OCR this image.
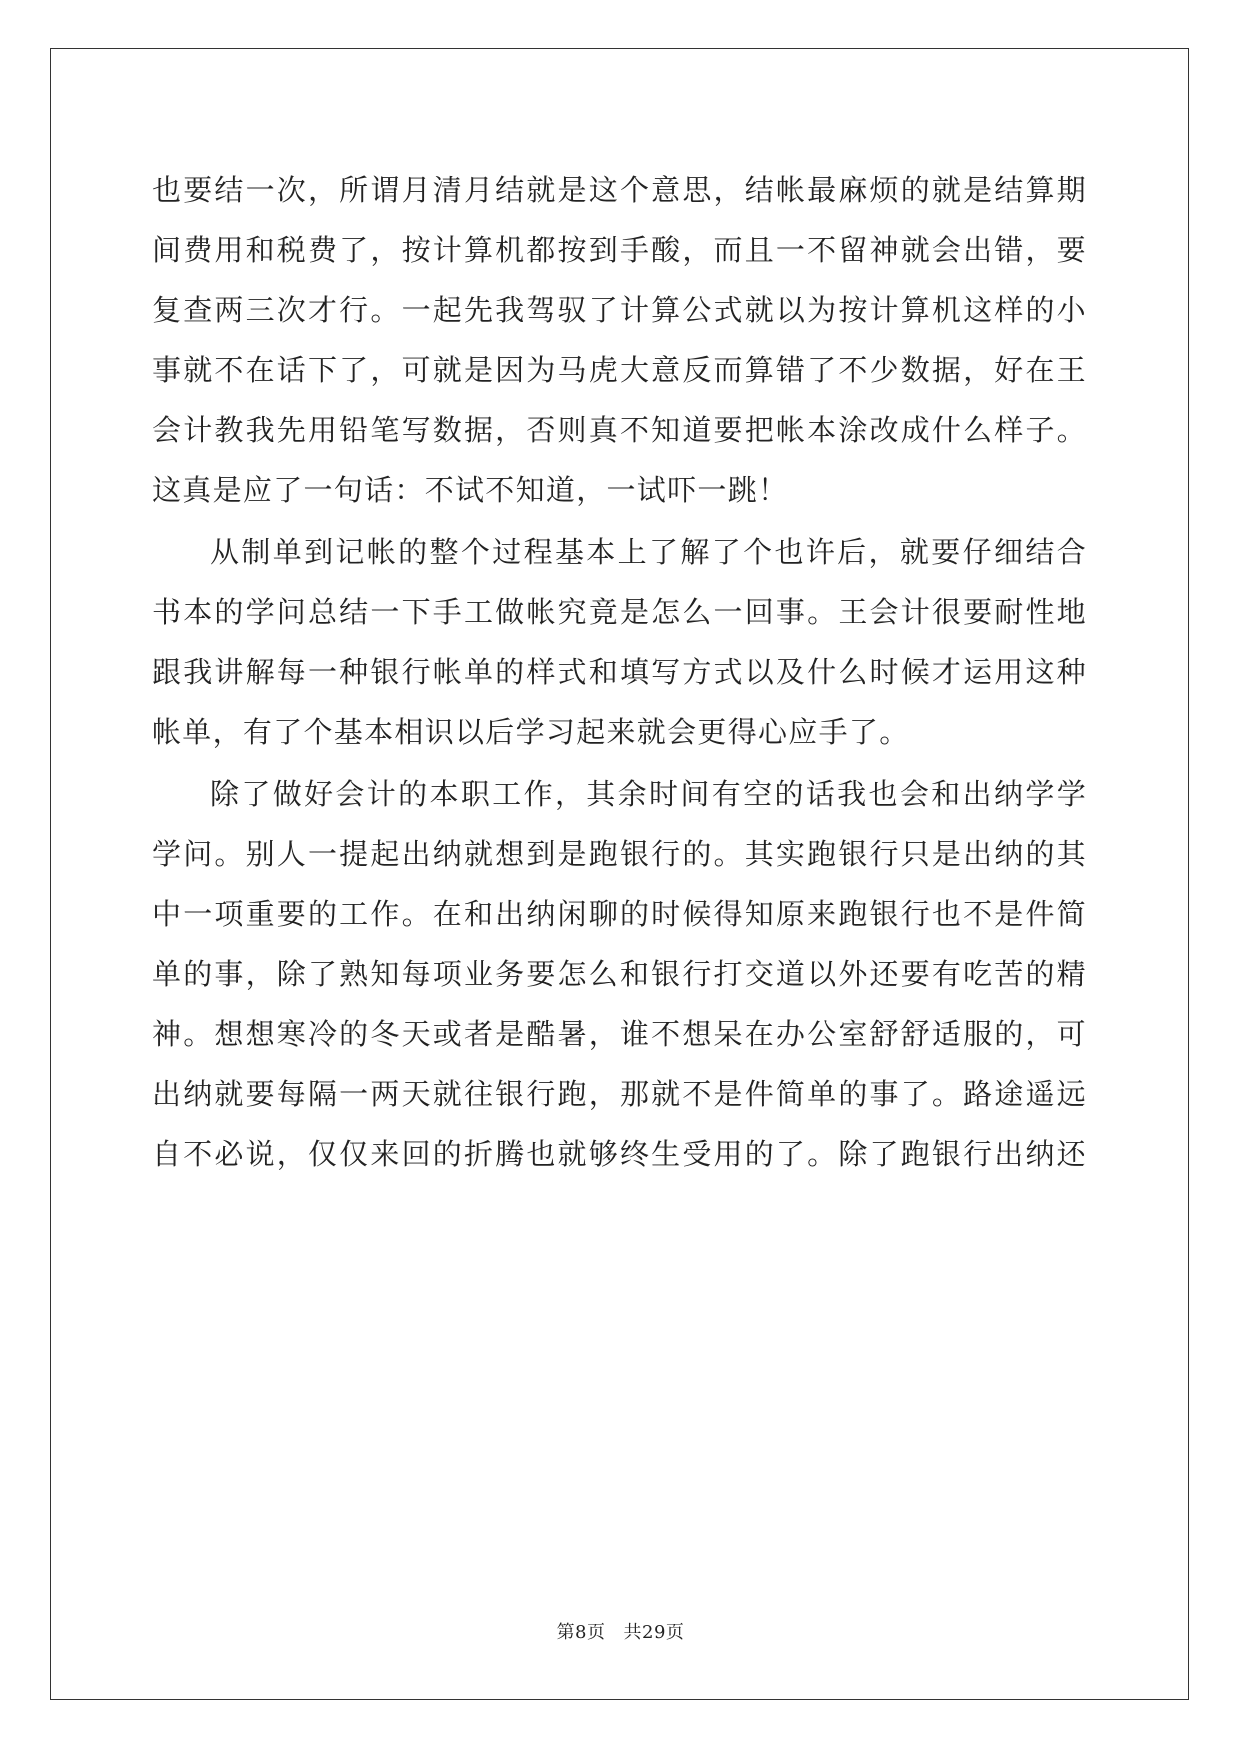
也要结一次，所谓月清月结就是这个意思，结帐最麻烦的就是结算期
间费用和税费了，按计算机都按到手酸，而且一不留神就会出错，要
复查两三次才行。一起先我驾驭了计算公式就以为按计算机这样的小
事就不在话下了，可就是因为马虎大意反而算错了不少数据，好在王
会计教我先用铅笔写数据，否则真不知道要把帐本涂改成什么样子。
这真是应了一句话：不试不知道，一试吓一跳！
从制单到记帐的整个过程基本上了解了个也许后，就要仔细结合
书本的学问总结一下手工做帐究竟是怎么一回事。王会计很要耐性地
跟我讲解每一种银行帐单的样式和填写方式以及什么时候才运用这种
帐单，有了个基本相识以后学习起来就会更得心应手了。
除了做好会计的本职工作，其余时间有空的话我也会和出纳学学
学问。别人一提起出纳就想到是跑银行的。其实跑银行只是出纳的其
中一项重要的工作。在和出纳闲聊的时候得知原来跑银行也不是件简
单的事，除了熟知每项业务要怎么和银行打交道以外还要有吃苦的精
神。想想寒冷的冬天或者是酷暑，谁不想呆在办公室舒舒适服的，可
出纳就要每隔一两天就往银行跑，那就不是件简单的事了。路途遥远
自不必说，仅仅来回的折腾也就够终生受用的了。除了跑银行出纳还
第8页 共29页
